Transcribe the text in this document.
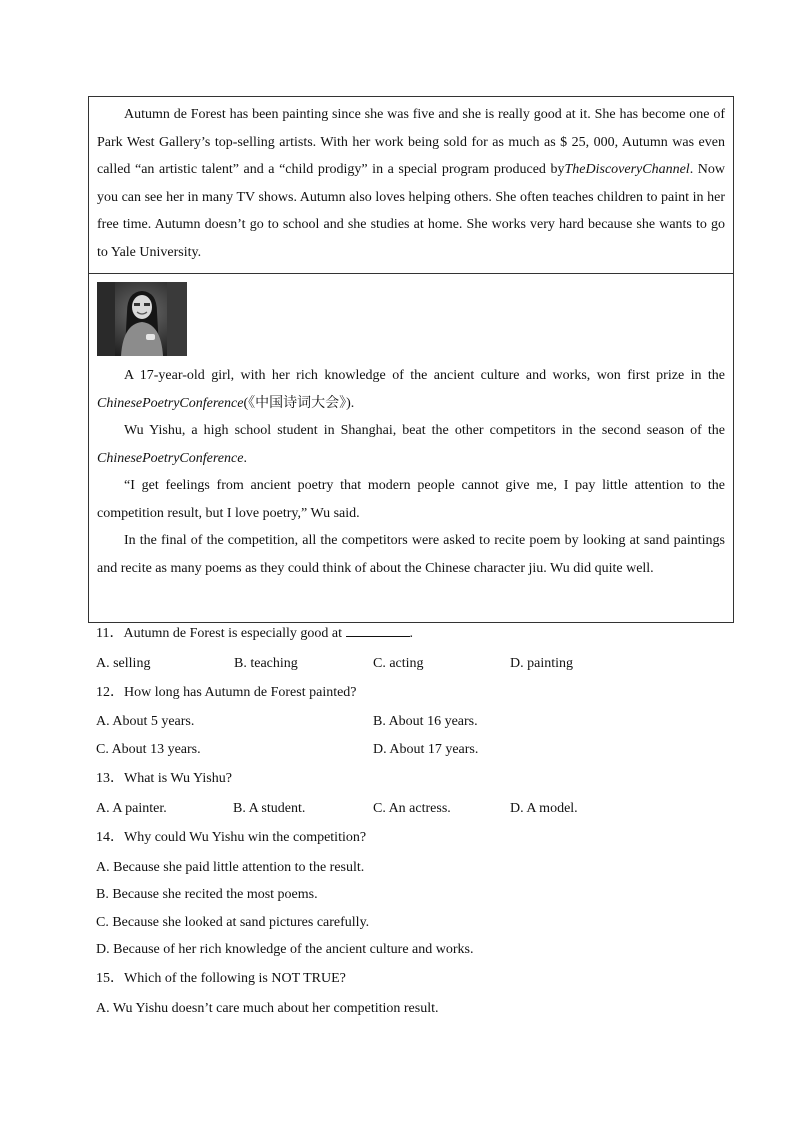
Autumn de Forest has been painting since she was five and she is really good at it. She has become one of Park West Gallery’s top-selling artists. With her work being sold for as much as $ 25, 000, Autumn was even called “an artistic talent” and a “child prodigy” in a special program produced byTheDiscoveryChannel. Now you can see her in many TV shows. Autumn also loves helping others. She often teaches children to paint in her free time. Autumn doesn’t go to school and she studies at home. She works very hard because she wants to go to Yale University.

A 17-year-old girl, with her rich knowledge of the ancient culture and works, won first prize in the ChinesePoetryConference(《中国诗词大会》).

Wu Yishu, a high school student in Shanghai, beat the other competitors in the second season of the ChinesePoetryConference.

“I get feelings from ancient poetry that modern people cannot give me, I pay little attention to the competition result, but I love poetry,” Wu said.

In the final of the competition, all the competitors were asked to recite poem by looking at sand paintings and recite as many poems as they could think of about the Chinese character jiu. Wu did quite well.

11．Autumn de Forest is especially good at	.

A. selling	B. teaching	C. acting	D. painting

12．How long has Autumn de Forest painted?

A. About 5 years.	B. About 16 years.

C. About 13 years.	D. About 17 years.

13．What is Wu Yishu?

A. A painter.	B. A student.	C. An actress.	D. A model.

14．Why could Wu Yishu win the competition?

A. Because she paid little attention to the result.

B. Because she recited the most poems.

C. Because she looked at sand pictures carefully.

D. Because of her rich knowledge of the ancient culture and works.

15．Which of the following is NOT TRUE?

A. Wu Yishu doesn’t care much about her competition result.
